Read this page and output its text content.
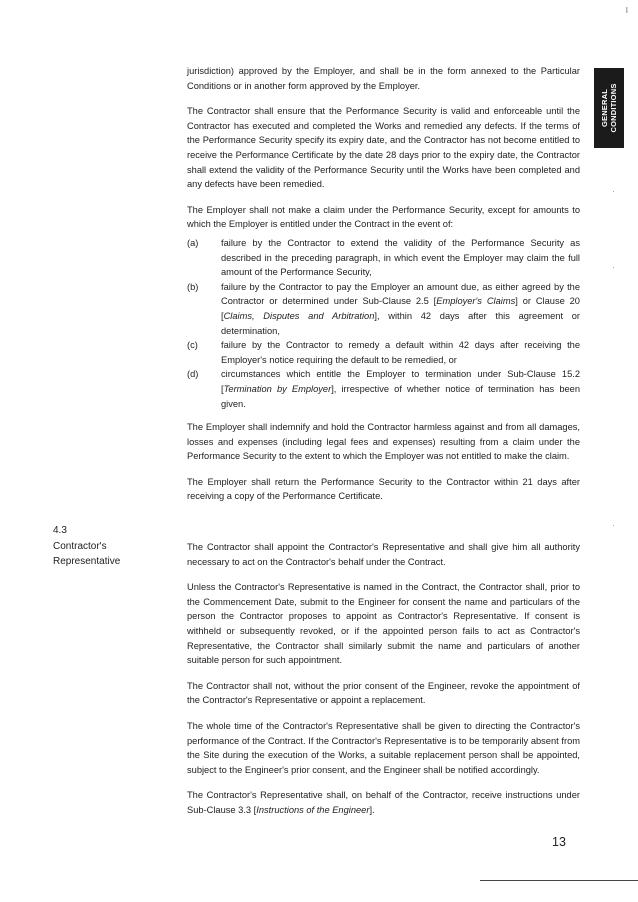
I
GENERAL CONDITIONS
·
·
·

jurisdiction) approved by the Employer, and shall be in the form annexed to the Particular Conditions or in another form approved by the Employer.

The Contractor shall ensure that the Performance Security is valid and enforceable until the Contractor has executed and completed the Works and remedied any defects. If the terms of the Performance Security specify its expiry date, and the Contractor has not become entitled to receive the Performance Certificate by the date 28 days prior to the expiry date, the Contractor shall extend the validity of the Performance Security until the Works have been completed and any defects have been remedied.

The Employer shall not make a claim under the Performance Security, except for amounts to which the Employer is entitled under the Contract in the event of:

(a) failure by the Contractor to extend the validity of the Performance Security as described in the preceding paragraph, in which event the Employer may claim the full amount of the Performance Security,
(b) failure by the Contractor to pay the Employer an amount due, as either agreed by the Contractor or determined under Sub-Clause 2.5 [Employer's Claims] or Clause 20 [Claims, Disputes and Arbitration], within 42 days after this agreement or determination,
(c) failure by the Contractor to remedy a default within 42 days after receiving the Employer's notice requiring the default to be remedied, or
(d) circumstances which entitle the Employer to termination under Sub-Clause 15.2 [Termination by Employer], irrespective of whether notice of termination has been given.

The Employer shall indemnify and hold the Contractor harmless against and from all damages, losses and expenses (including legal fees and expenses) resulting from a claim under the Performance Security to the extent to which the Employer was not entitled to make the claim.

The Employer shall return the Performance Security to the Contractor within 21 days after receiving a copy of the Performance Certificate.

4.3
Contractor's
Representative

The Contractor shall appoint the Contractor's Representative and shall give him all authority necessary to act on the Contractor's behalf under the Contract.

Unless the Contractor's Representative is named in the Contract, the Contractor shall, prior to the Commencement Date, submit to the Engineer for consent the name and particulars of the person the Contractor proposes to appoint as Contractor's Representative. If consent is withheld or subsequently revoked, or if the appointed person fails to act as Contractor's Representative, the Contractor shall similarly submit the name and particulars of another suitable person for such appointment.

The Contractor shall not, without the prior consent of the Engineer, revoke the appointment of the Contractor's Representative or appoint a replacement.

The whole time of the Contractor's Representative shall be given to directing the Contractor's performance of the Contract. If the Contractor's Representative is to be temporarily absent from the Site during the execution of the Works, a suitable replacement person shall be appointed, subject to the Engineer's prior consent, and the Engineer shall be notified accordingly.

The Contractor's Representative shall, on behalf of the Contractor, receive instructions under Sub-Clause 3.3 [Instructions of the Engineer].

13
